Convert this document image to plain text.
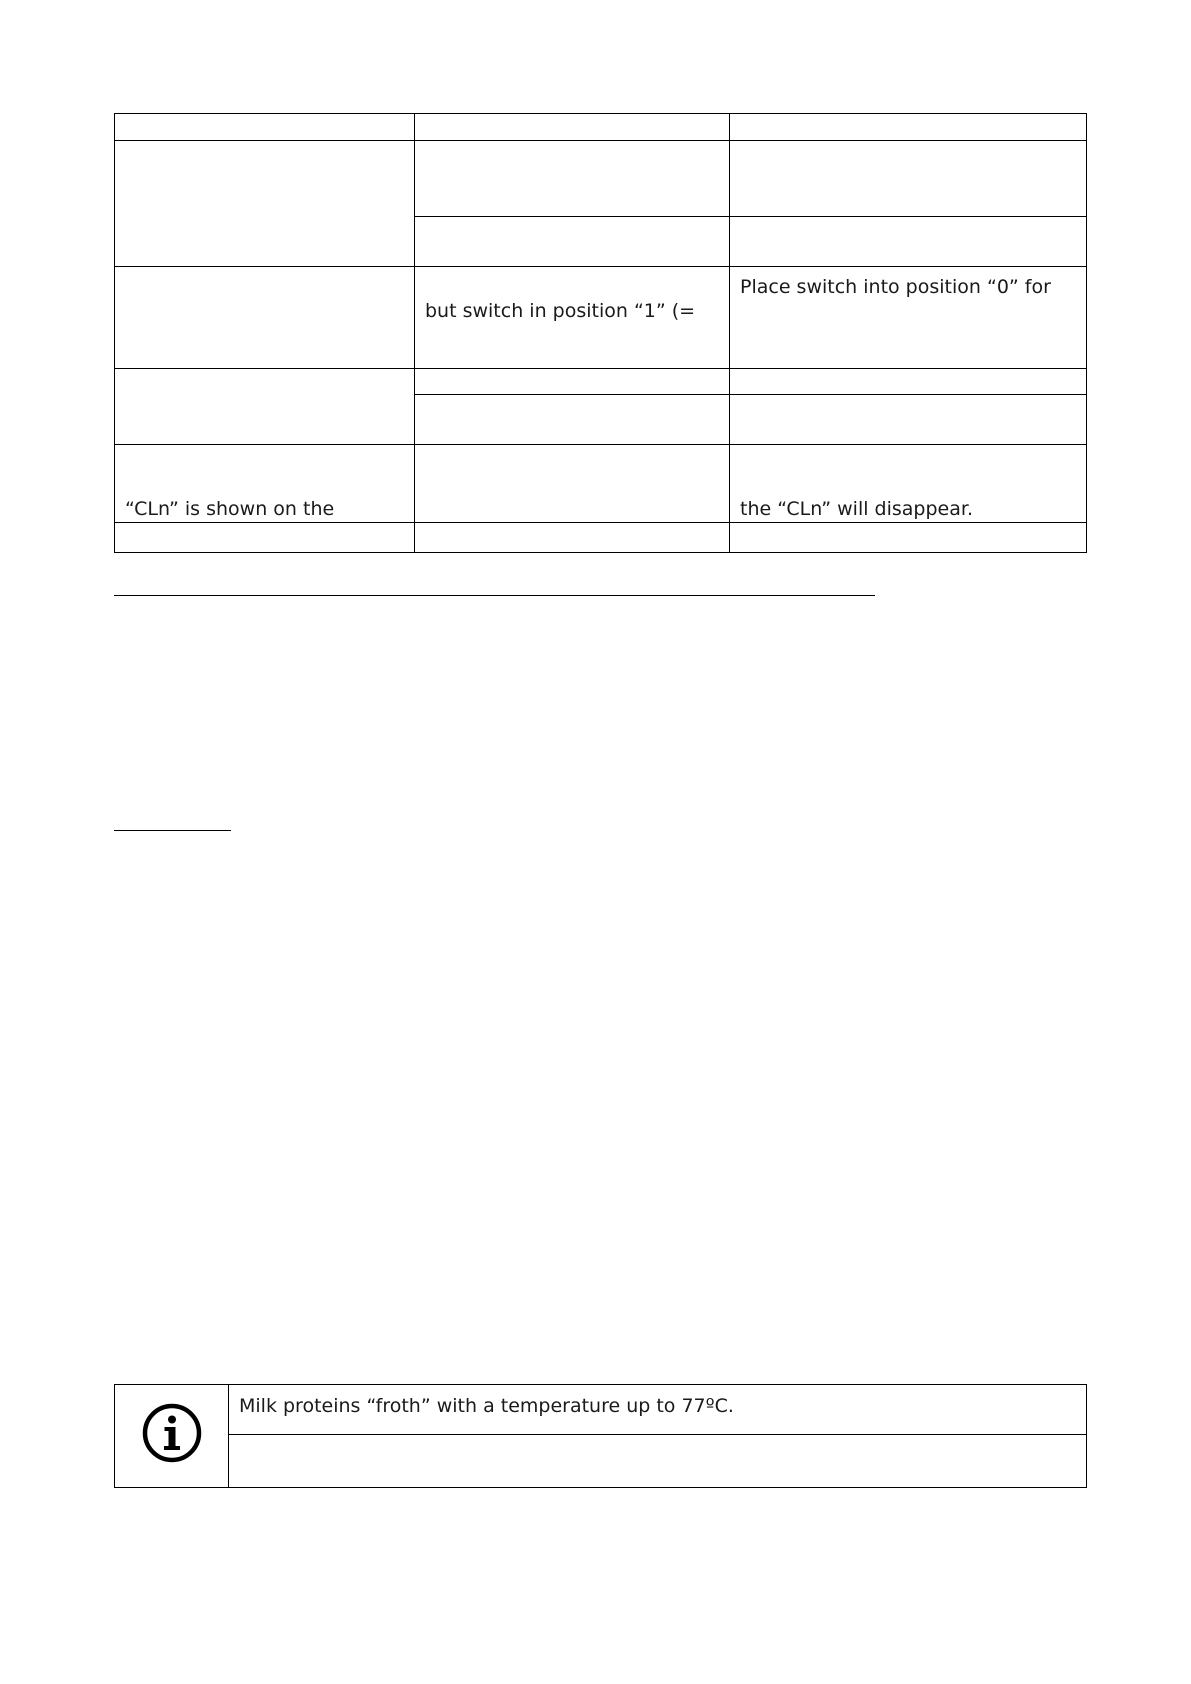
	but switch in position “1” (=	Place switch into position “0” for

“CLn” is shown on the		the “CLn” will disappear.

	Milk proteins “froth” with a temperature up to 77ºC.
